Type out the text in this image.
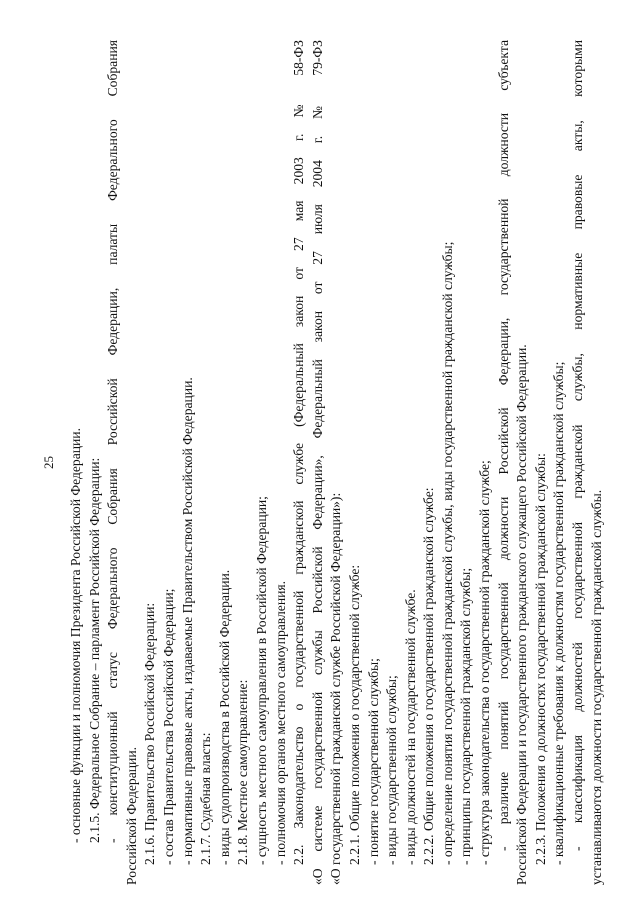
25 - основные функции и полномочия Президента Российской Федерации. 2.1.5. Федеральное Собрание – парламент Российской Федерации: - конституционный статус Федерального Собрания Российской Федерации, палаты Федерального Собрания Российской Федерации. 2.1.6. Правительство Российской Федерации: - состав Правительства Российской Федерации; - нормативные правовые акты, издаваемые Правительством Российской Федерации. 2.1.7. Судебная власть: - виды судопроизводства в Российской Федерации. 2.1.8. Местное самоуправление: - сущность местного самоуправления в Российской Федерации; - полномочия органов местного самоуправления. 2.2. Законодательство о государственной гражданской службе (Федеральный закон от 27 мая 2003 г. № 58-ФЗ «О системе государственной службы Российской Федерации», Федеральный закон от 27 июля 2004 г. № 79-ФЗ «О государственной гражданской службе Российской Федерации»): 2.2.1. Общие положения о государственной службе: - понятие государственной службы; - виды государственной службы; - виды должностей на государственной службе. 2.2.2. Общие положения о государственной гражданской службе: - определение понятия государственной гражданской службы, виды государственной гражданской службы; - принципы государственной гражданской службы; - структура законодательства о государственной гражданской службе; - различие понятий государственной должности Российской Федерации, государственной должности субъекта Российской Федерации и государственного гражданского служащего Российской Федерации. 2.2.3. Положения о должностях государственной гражданской службы: - квалификационные требования к должностям государственной гражданской службы; - классификация должностей государственной гражданской службы, нормативные правовые акты, которыми устанавливаются должности государственной гражданской службы.
